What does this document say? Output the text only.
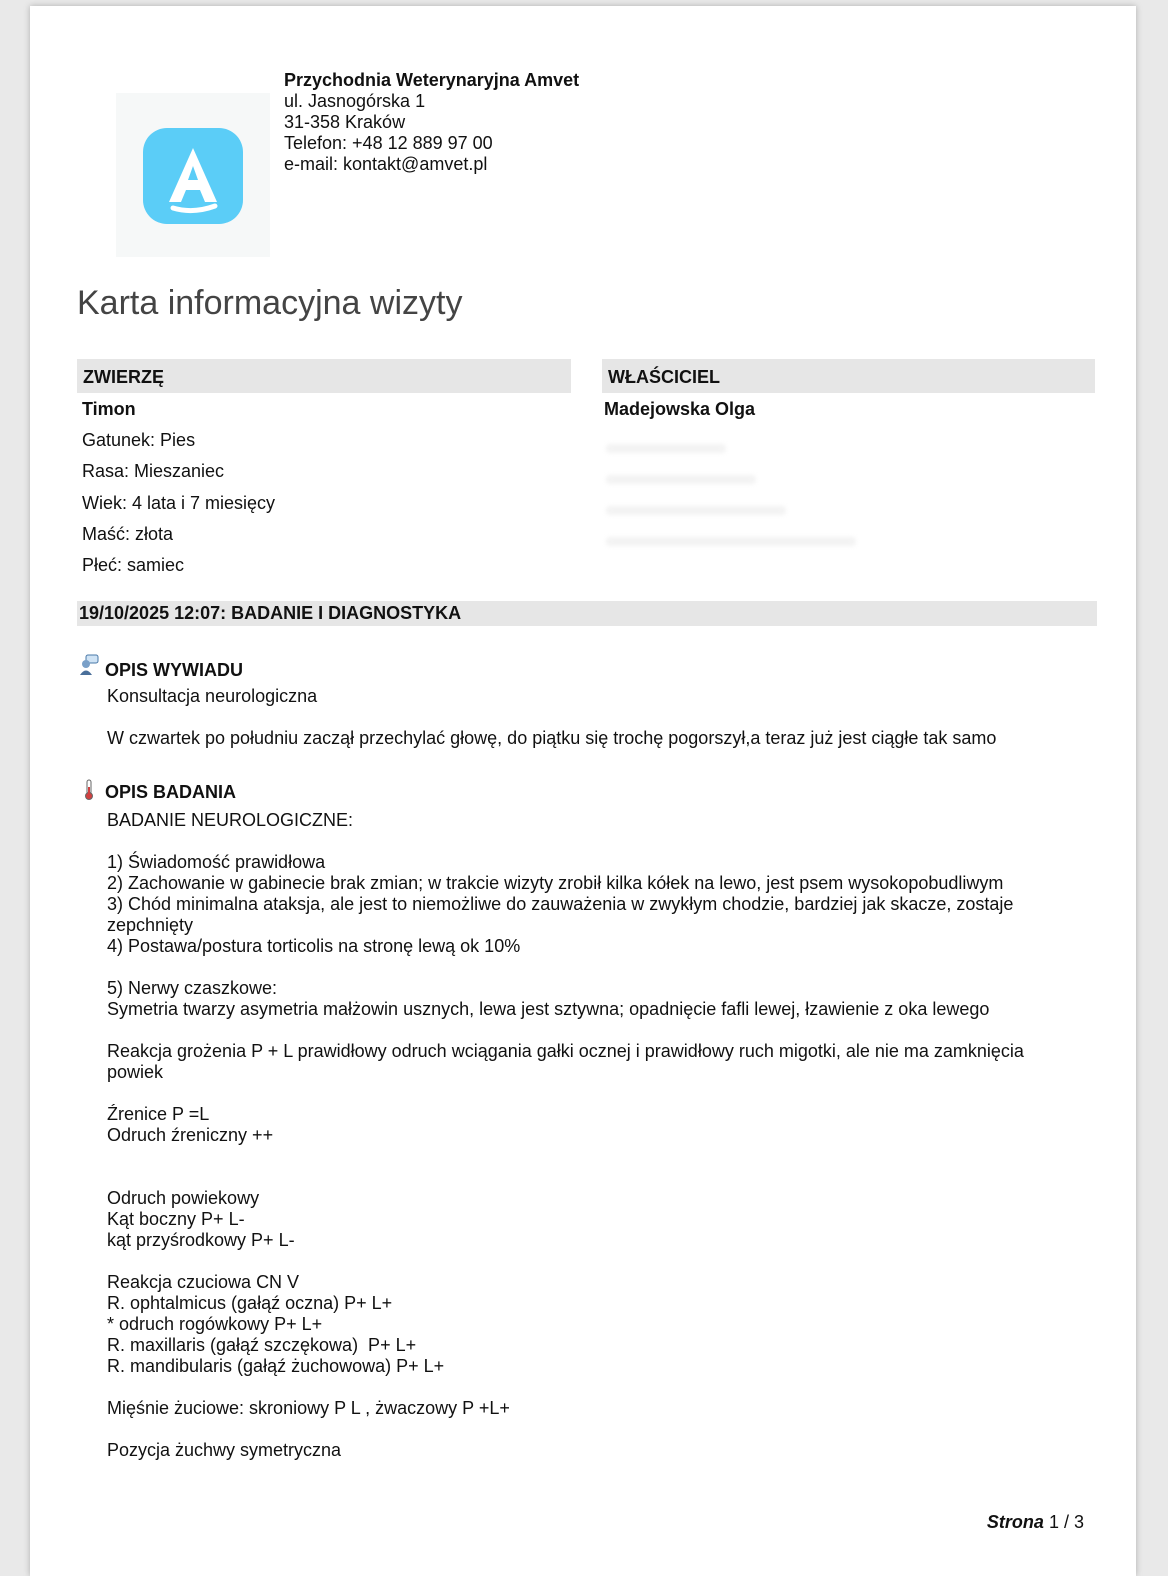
Przychodnia Weterynaryjna Amvet
ul. Jasnogórska 1
31-358 Kraków
Telefon: +48 12 889 97 00
e-mail: kontakt@amvet.pl
Karta informacyjna wizyty
ZWIERZĘ	WŁAŚCICIEL
Timon
Gatunek: Pies
Rasa: Mieszaniec
Wiek: 4 lata i 7 miesięcy
Maść: złota
Płeć: samiec
Madejowska Olga
19/10/2025 12:07: BADANIE I DIAGNOSTYKA
OPIS WYWIADU

Konsultacja neurologiczna

W czwartek po południu zaczął przechylać głowę, do piątku się trochę pogorszył,a teraz już jest ciągłe tak samo

OPIS BADANIA

BADANIE NEUROLOGICZNE:

1) Świadomość prawidłowa

2) Zachowanie w gabinecie brak zmian; w trakcie wizyty zrobił kilka kółek na lewo, jest psem wysokopobudliwym

3) Chód minimalna ataksja, ale jest to niemożliwe do zauważenia w zwykłym chodzie, bardziej jak skacze, zostaje

zepchnięty

4) Postawa/postura torticolis na stronę lewą ok 10%

5) Nerwy czaszkowe:

Symetria twarzy asymetria małżowin usznych, lewa jest sztywna; opadnięcie fafli lewej, łzawienie z oka lewego

Reakcja grożenia P + L prawidłowy odruch wciągania gałki ocznej i prawidłowy ruch migotki, ale nie ma zamknięcia

powiek

Źrenice P =L

Odruch źreniczny ++

Odruch powiekowy

Kąt boczny P+ L-

kąt przyśrodkowy P+ L-

Reakcja czuciowa CN V

R. ophtalmicus (gałąź oczna) P+ L+

* odruch rogówkowy P+ L+

R. maxillaris (gałąź szczękowa)  P+ L+

R. mandibularis (gałąź żuchowowa) P+ L+

Mięśnie żuciowe: skroniowy P L , żwaczowy P +L+

Pozycja żuchwy symetryczna

Strona 1 / 3
